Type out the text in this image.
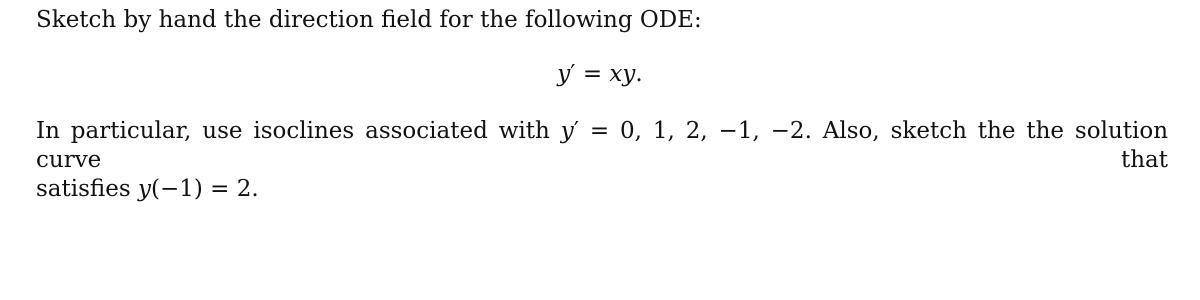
Sketch by hand the direction field for the following ODE:
y′ = xy.
In particular, use isoclines associated with y′ = 0, 1, 2, −1, −2. Also, sketch the the solution curve that
satisfies y(−1) = 2.
